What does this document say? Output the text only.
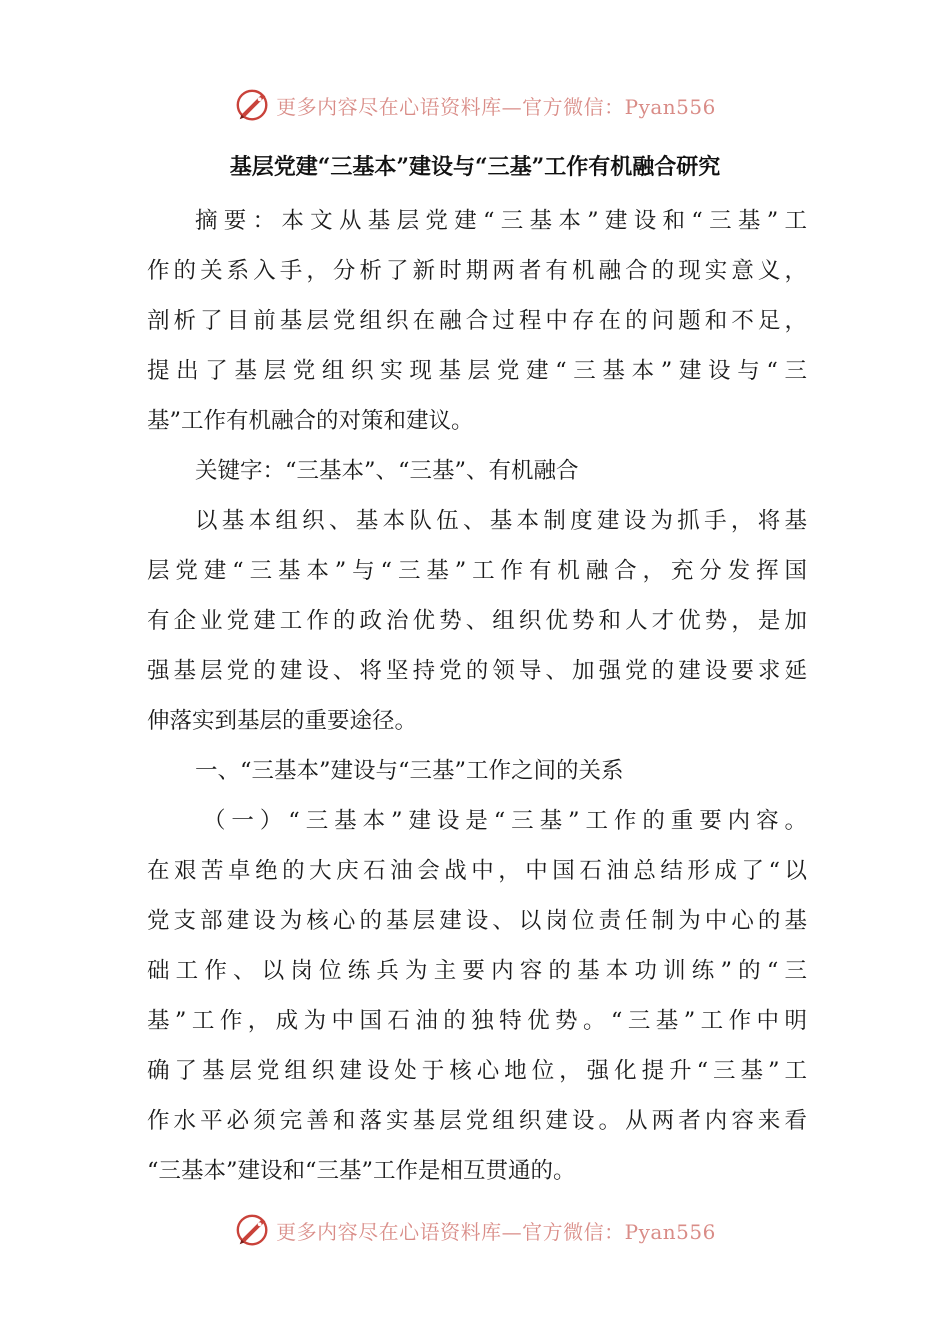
更多内容尽在心语资料库—官方微信：Pyan556
基层党建“三基本”建设与“三基”工作有机融合研究
摘要：本文从基层党建“三基本”建设和“三基”工
作的关系入手，分析了新时期两者有机融合的现实意义，
剖析了目前基层党组织在融合过程中存在的问题和不足，
提出了基层党组织实现基层党建“三基本”建设与“三
基”工作有机融合的对策和建议。
关键字：“三基本”、“三基”、有机融合
以基本组织、基本队伍、基本制度建设为抓手，将基
层党建“三基本”与“三基”工作有机融合，充分发挥国
有企业党建工作的政治优势、组织优势和人才优势，是加
强基层党的建设、将坚持党的领导、加强党的建设要求延
伸落实到基层的重要途径。
一、“三基本”建设与“三基”工作之间的关系
（一）“三基本”建设是“三基”工作的重要内容。
在艰苦卓绝的大庆石油会战中，中国石油总结形成了“以
党支部建设为核心的基层建设、以岗位责任制为中心的基
础工作、以岗位练兵为主要内容的基本功训练”的“三
基”工作，成为中国石油的独特优势。“三基”工作中明
确了基层党组织建设处于核心地位，强化提升“三基”工
作水平必须完善和落实基层党组织建设。从两者内容来看
“三基本”建设和“三基”工作是相互贯通的。
更多内容尽在心语资料库—官方微信：Pyan556
